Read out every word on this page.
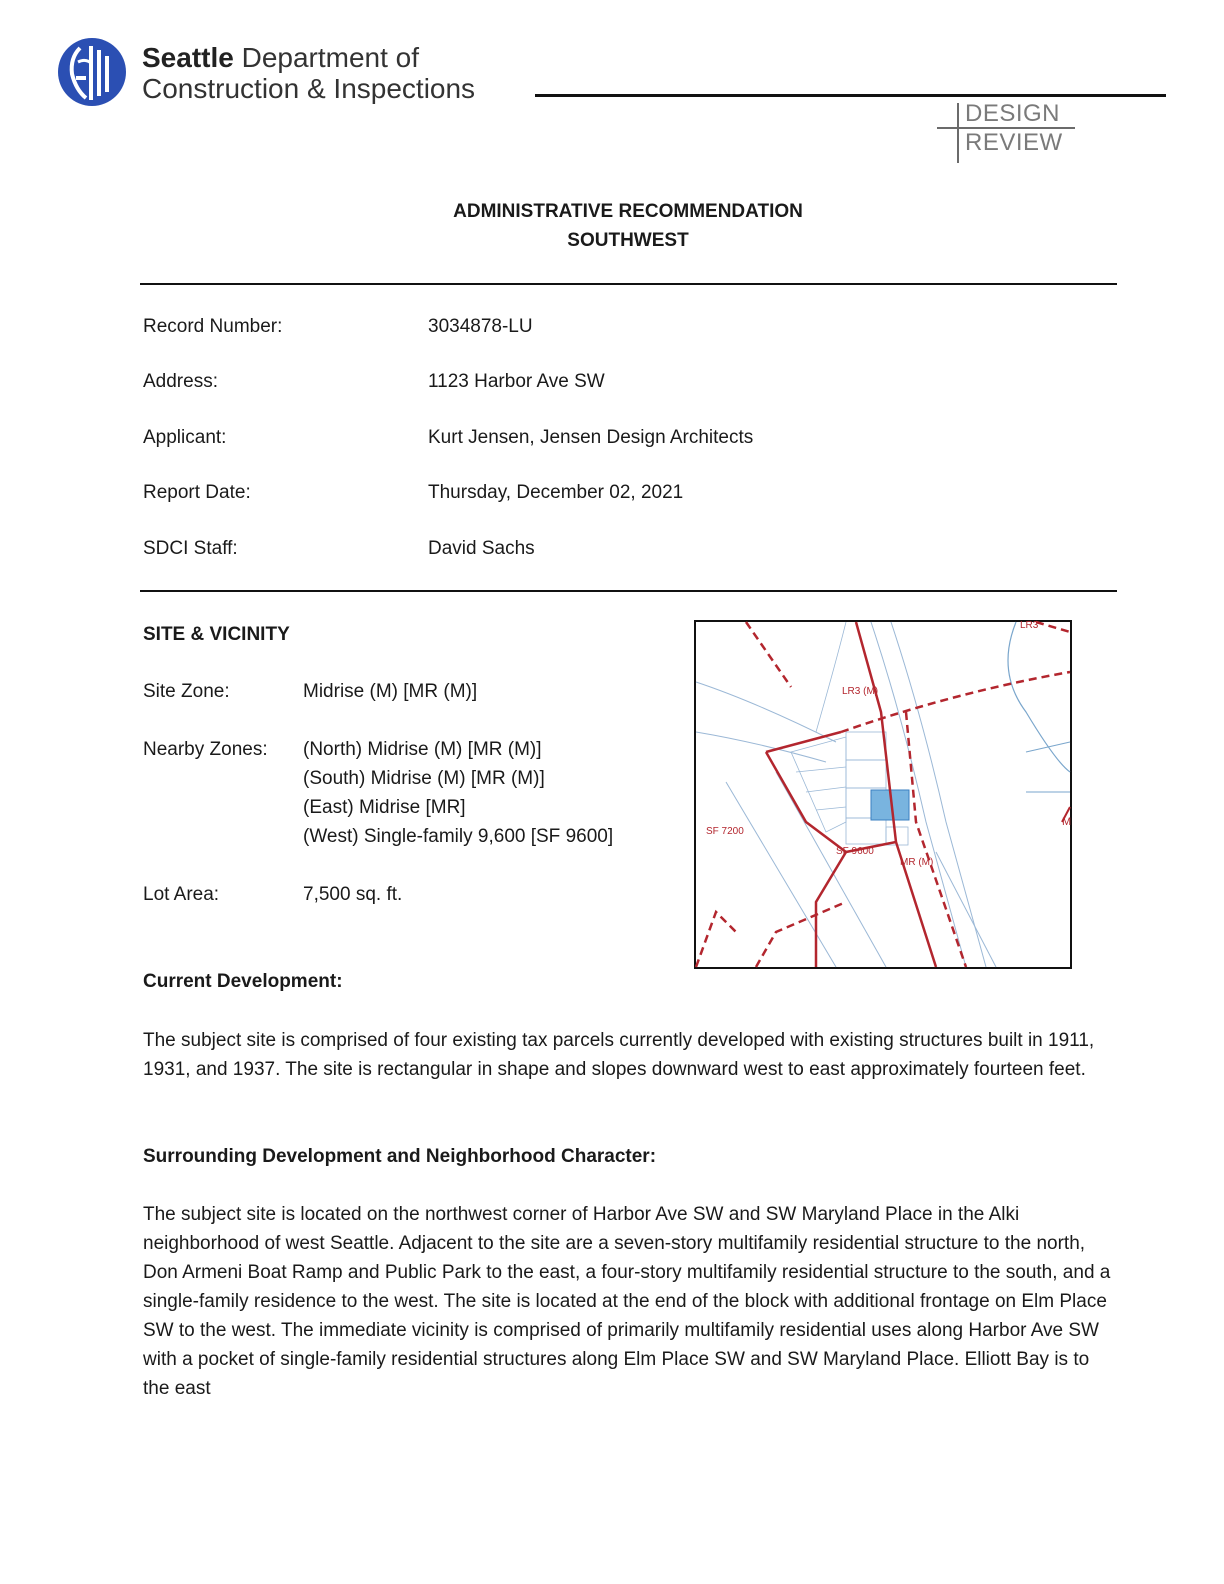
Seattle Department of
Construction & Inspections
DESIGN
REVIEW
ADMINISTRATIVE RECOMMENDATION
SOUTHWEST
Record Number:	3034878-LU
Address:	1123 Harbor Ave SW
Applicant:	Kurt Jensen, Jensen Design Architects
Report Date:	Thursday, December 02, 2021
SDCI Staff:	David Sachs
SITE & VICINITY
Site Zone:	Midrise (M) [MR (M)]
Nearby Zones: (North) Midrise (M) [MR (M)]
(South) Midrise (M) [MR (M)]
(East) Midrise [MR]
(West) Single-family 9,600 [SF 9600]
Lot Area:	7,500 sq. ft.
LR3 (M)
LR3
SF 7200
SF 9600
MR (M)
M
Current Development:
The subject site is comprised of four existing tax parcels currently developed with existing structures built in 1911, 1931, and 1937. The site is rectangular in shape and slopes downward west to east approximately fourteen feet.
Surrounding Development and Neighborhood Character:
The subject site is located on the northwest corner of Harbor Ave SW and SW Maryland Place in the Alki neighborhood of west Seattle. Adjacent to the site are a seven-story multifamily residential structure to the north, Don Armeni Boat Ramp and Public Park to the east, a four-story multifamily residential structure to the south, and a single-family residence to the west. The site is located at the end of the block with additional frontage on Elm Place SW to the west. The immediate vicinity is comprised of primarily multifamily residential uses along Harbor Ave SW with a pocket of single-family residential structures along Elm Place SW and SW Maryland Place. Elliott Bay is to the east
